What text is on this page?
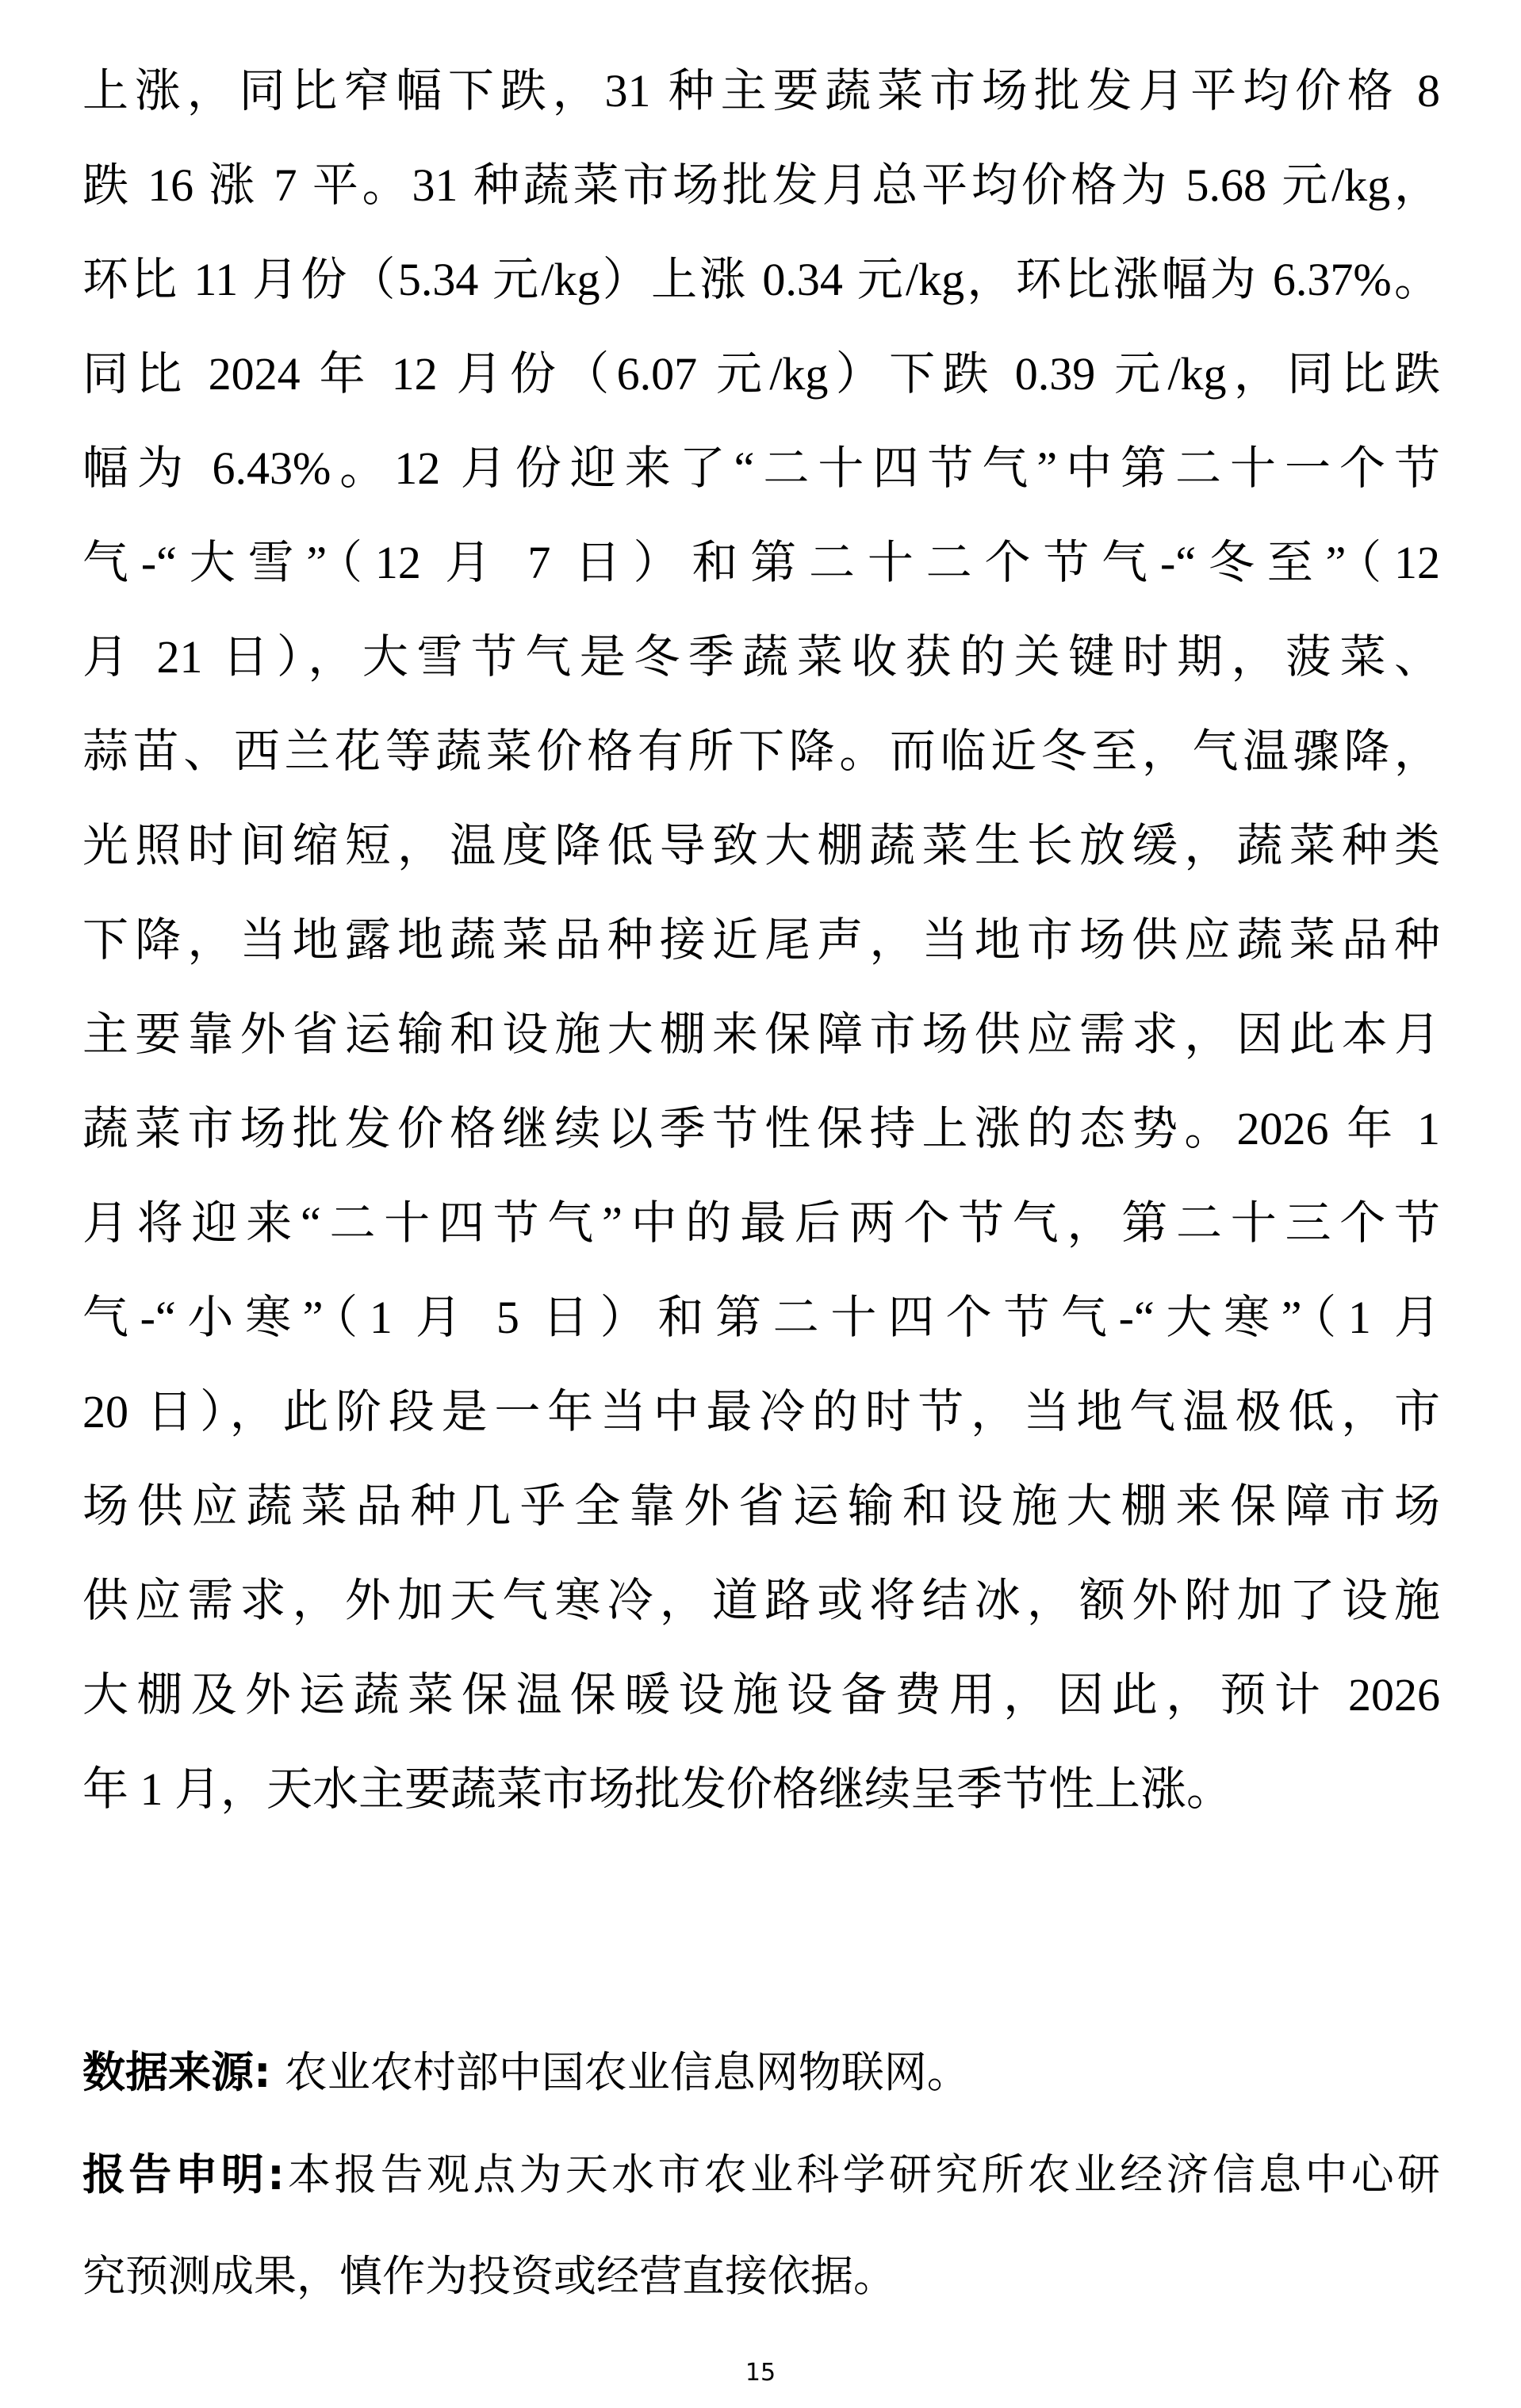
上涨，同比窄幅下跌，31 种主要蔬菜市场批发月平均价格 8
跌 16 涨 7 平。31 种蔬菜市场批发月总平均价格为 5.68 元/kg，
环比 11 月份（5.34 元/kg）上涨 0.34 元/kg，环比涨幅为 6.37%。
同比 2024 年 12 月份（6.07 元/kg）下跌 0.39 元/kg，同比跌
幅为 6.43%。12 月份迎来了“二十四节气”中第二十一个节
气-“大雪”（12 月 7 日）和第二十二个节气-“冬至”（12
月 21 日），大雪节气是冬季蔬菜收获的关键时期，菠菜、
蒜苗、西兰花等蔬菜价格有所下降。而临近冬至，气温骤降，
光照时间缩短，温度降低导致大棚蔬菜生长放缓，蔬菜种类
下降，当地露地蔬菜品种接近尾声，当地市场供应蔬菜品种
主要靠外省运输和设施大棚来保障市场供应需求，因此本月
蔬菜市场批发价格继续以季节性保持上涨的态势。2026 年 1
月将迎来“二十四节气”中的最后两个节气，第二十三个节
气-“小寒”（1 月 5 日）和第二十四个节气-“大寒”（1 月
20 日），此阶段是一年当中最冷的时节，当地气温极低，市
场供应蔬菜品种几乎全靠外省运输和设施大棚来保障市场
供应需求，外加天气寒冷，道路或将结冰，额外附加了设施
大棚及外运蔬菜保温保暖设施设备费用，因此，预计 2026
年 1 月，天水主要蔬菜市场批发价格继续呈季节性上涨。
数据来源: 农业农村部中国农业信息网物联网。
报告申明:本报告观点为天水市农业科学研究所农业经济信息中心研
究预测成果，慎作为投资或经营直接依据。
15
